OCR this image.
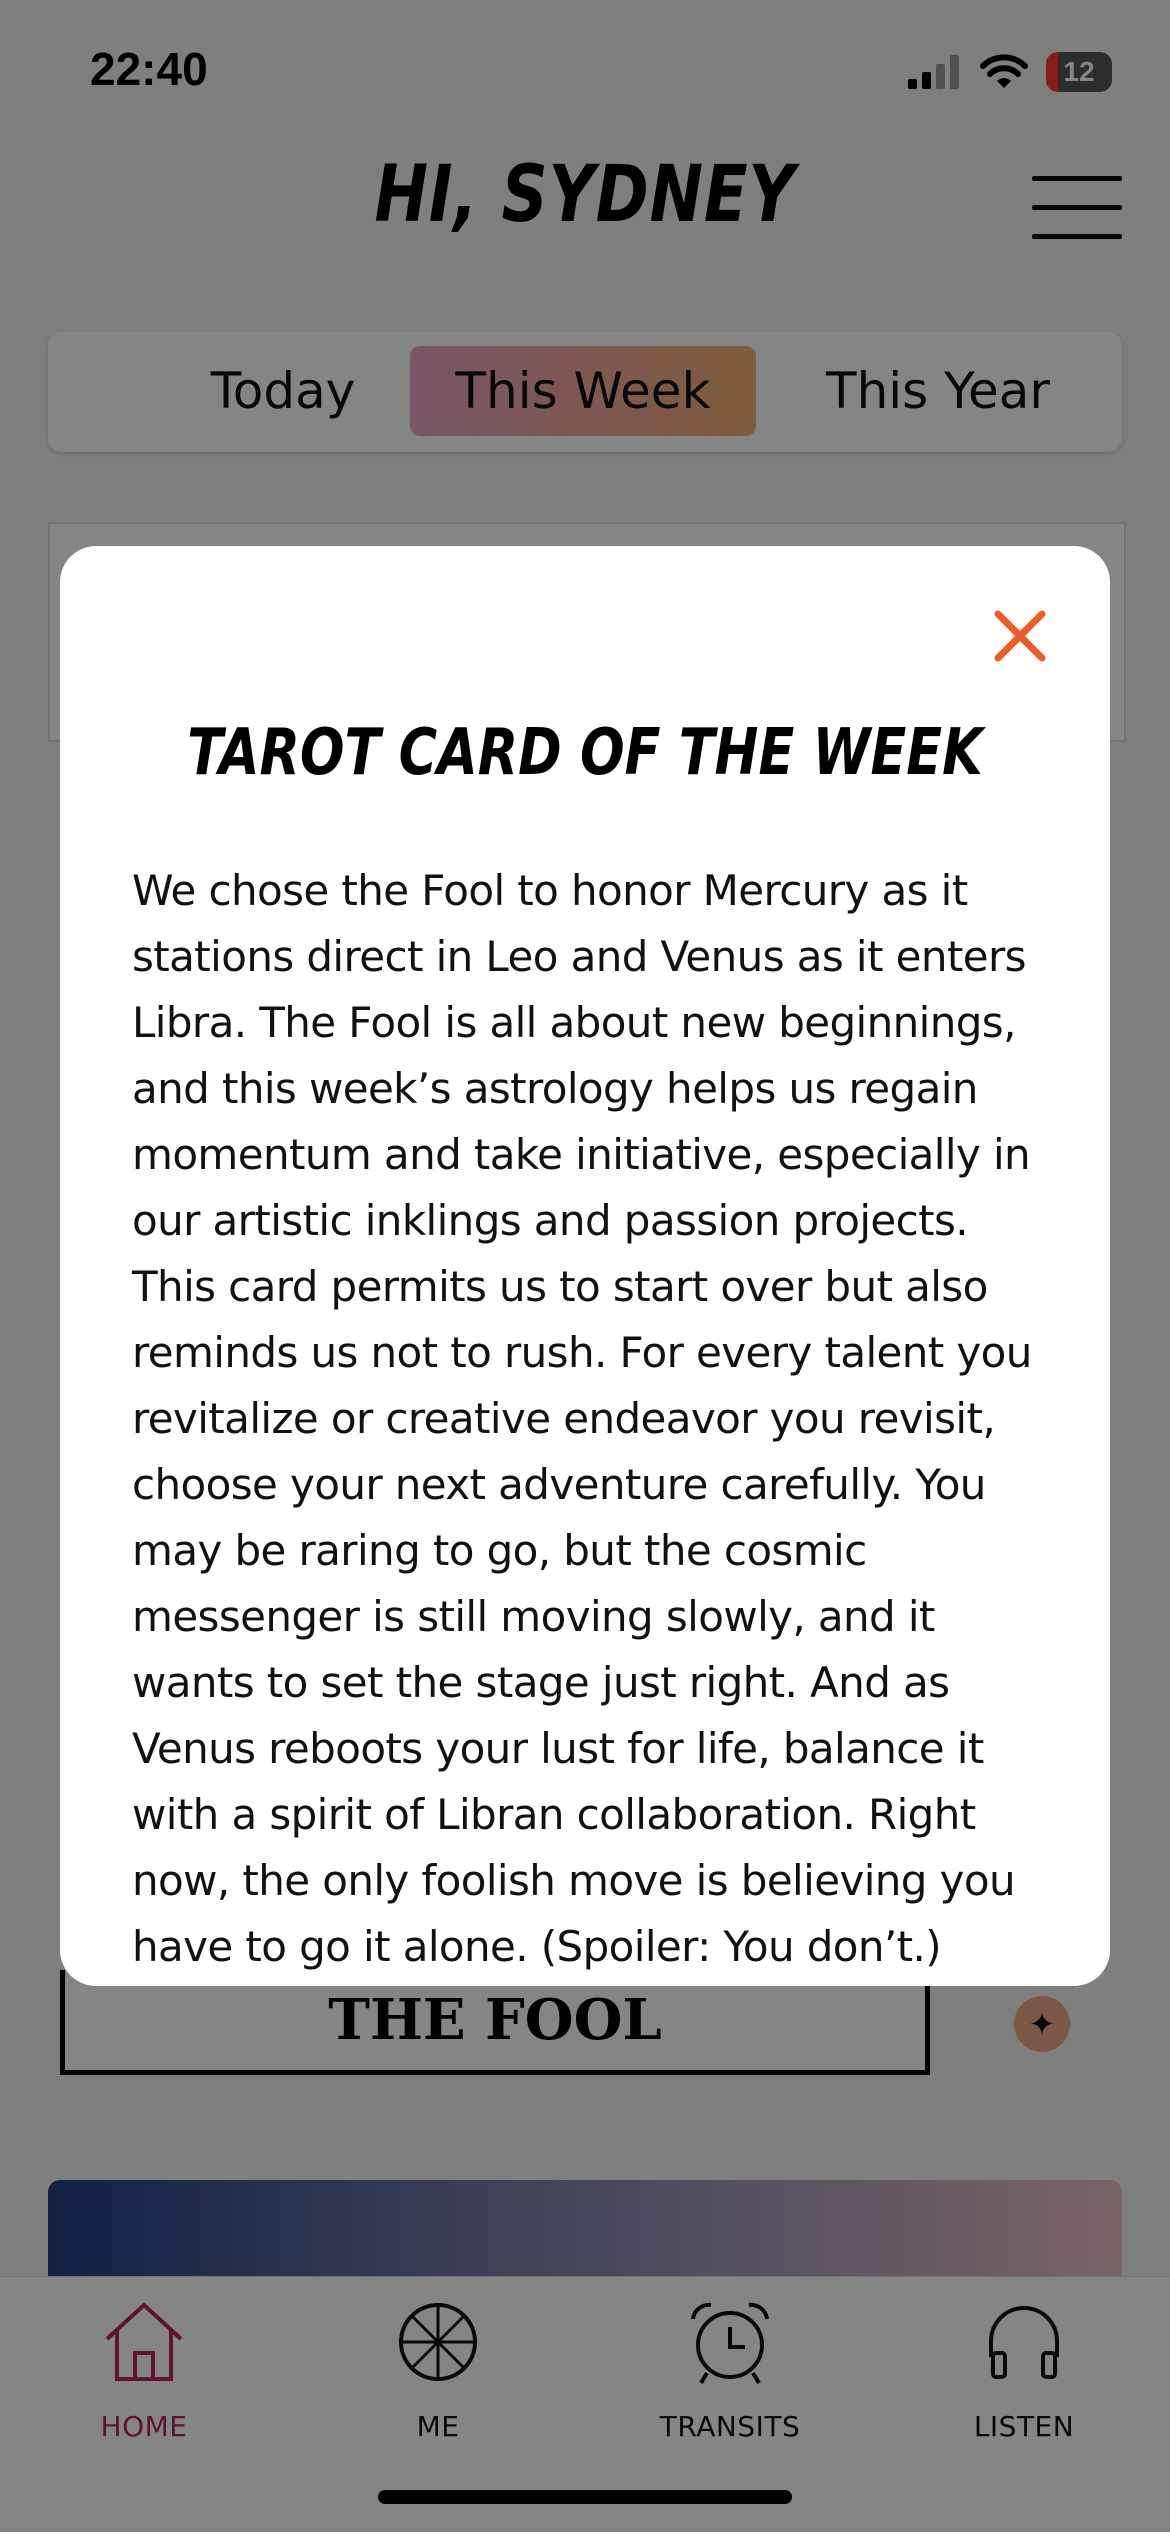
22:40	12
HI, SYDNEY
Today	This Week	This Year
THE FOOL	✦
HOME	ME	TRANSITS	LISTEN
TAROT CARD OF THE WEEK
We chose the Fool to honor Mercury as it stations direct in Leo and Venus as it enters Libra. The Fool is all about new beginnings, and this week’s astrology helps us regain momentum and take initiative, especially in our artistic inklings and passion projects. This card permits us to start over but also reminds us not to rush. For every talent you revitalize or creative endeavor you revisit, choose your next adventure carefully. You may be raring to go, but the cosmic messenger is still moving slowly, and it wants to set the stage just right. And as Venus reboots your lust for life, balance it with a spirit of Libran collaboration. Right now, the only foolish move is believing you have to go it alone. (Spoiler: You don’t.)
